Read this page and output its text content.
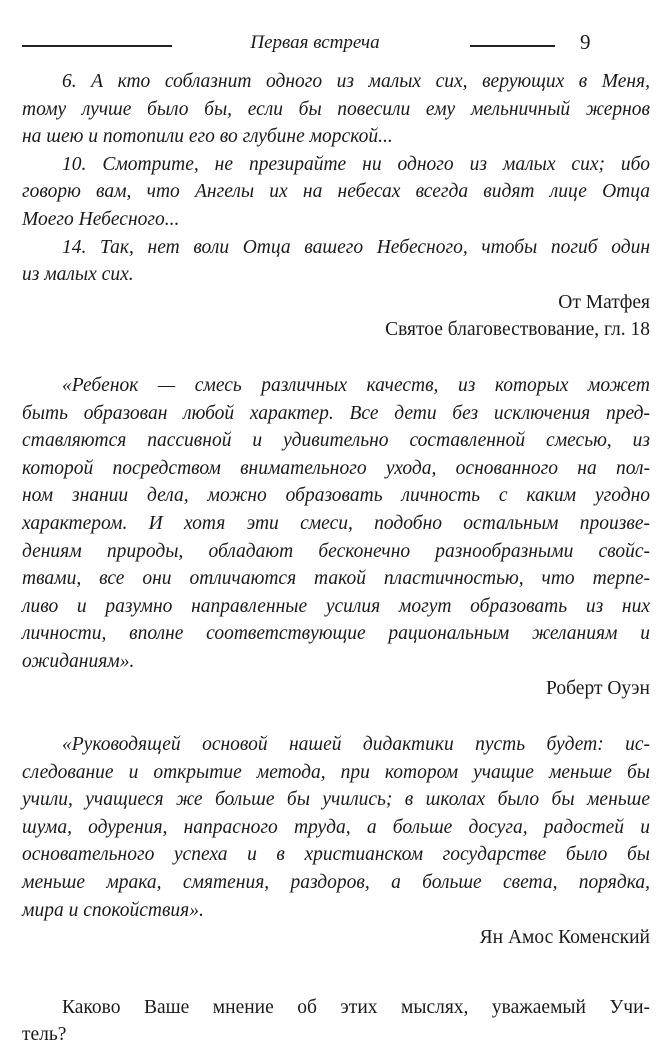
Первая встреча	9
6. А кто соблазнит одного из малых сих, верующих в Меня,
тому лучше было бы, если бы повесили ему мельничный жернов
на шею и потопили его во глубине морской...
10. Смотрите, не презирайте ни одного из малых сих; ибо
говорю вам, что Ангелы их на небесах всегда видят лице Отца
Моего Небесного...
14. Так, нет воли Отца вашего Небесного, чтобы погиб один
из малых сих.
От Матфея
Святое благовествование, гл. 18
«Ребенок — смесь различных качеств, из которых может
быть образован любой характер. Все дети без исключения пред-
ставляются пассивной и удивительно составленной смесью, из
которой посредством внимательного ухода, основанного на пол-
ном знании дела, можно образовать личность с каким угодно
характером. И хотя эти смеси, подобно остальным произве-
дениям природы, обладают бесконечно разнообразными свойс-
твами, все они отличаются такой пластичностью, что терпе-
ливо и разумно направленные усилия могут образовать из них
личности, вполне соответствующие рациональным желаниям и
ожиданиям».
Роберт Оуэн
«Руководящей основой нашей дидактики пусть будет: ис-
следование и открытие метода, при котором учащие меньше бы
учили, учащиеся же больше бы учились; в школах было бы меньше
шума, одурения, напрасного труда, а больше досуга, радостей и
основательного успеха и в христианском государстве было бы
меньше мрака, смятения, раздоров, а больше света, порядка,
мира и спокойствия».
Ян Амос Коменский
Каково Ваше мнение об этих мыслях, уважаемый Учи-
тель?
